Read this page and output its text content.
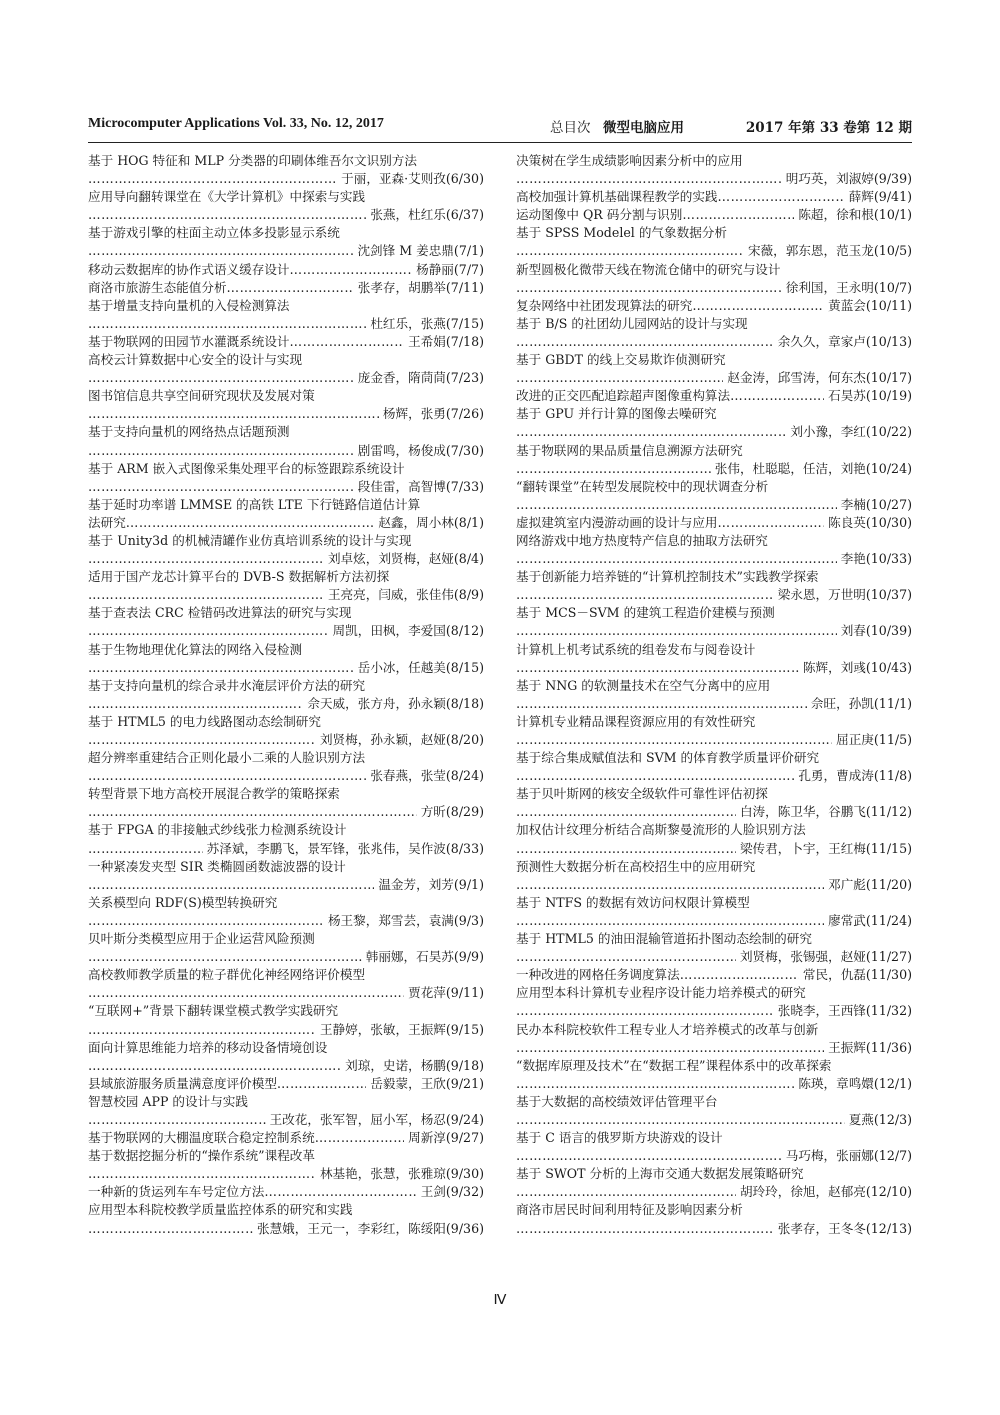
Microcomputer Applications Vol. 33, No. 12, 2017	总目次 微型电脑应用	2017 年第 33 卷第 12 期
基于 HOG 特征和 MLP 分类器的印刷体维吾尔文识别方法
………………………………………………………………………………………………………………………………
于丽，亚森·艾则孜(6/30)
应用导向翻转课堂在《大学计算机》中探索与实践
………………………………………………………………………………………………………………………………
张燕，杜红乐(6/37)
基于游戏引擎的柱面主动立体多投影显示系统
………………………………………………………………………………………………………………………………
沈剑锋 M 姜忠鼎(7/1)
移动云数据库的协作式语义缓存设计 ………………………………………………………………………………	杨静丽(7/7)
商洛市旅游生态能值分析 ………………………………………………………………………………	张孝存，胡鹏举(7/11)
基于增量支持向量机的入侵检测算法
………………………………………………………………………………………………………………………………
杜红乐，张燕(7/15)
基于物联网的田园节水灌溉系统设计 ………………………………………………………………………………	王希娟(7/18)
高校云计算数据中心安全的设计与实现
………………………………………………………………………………………………………………………………
庞金香，隋茼茼(7/23)
图书馆信息共享空间研究现状及发展对策
………………………………………………………………………………………………………………………………
杨辉，张勇(7/26)
基于支持向量机的网络热点话题预测
………………………………………………………………………………………………………………………………
剧雷鸣，杨俊成(7/30)
基于 ARM 嵌入式图像采集处理平台的标签跟踪系统设计
………………………………………………………………………………………………………………………………
段佳雷，高智博(7/33)
基于延时功率谱 LMMSE 的高铁 LTE 下行链路信道估计算
法研究 ………………………………………………………………………………	赵鑫，周小林(8/1)
基于 Unity3d 的机械清罐作业仿真培训系统的设计与实现
………………………………………………………………………………………………………………………………
刘卓炫，刘贤梅，赵娅(8/4)
适用于国产龙芯计算平台的 DVB-S 数据解析方法初探
………………………………………………………………………………………………………………………………
王亮亮，闫威，张佳伟(8/9)
基于查表法 CRC 检错码改进算法的研究与实现
………………………………………………………………………………………………………………………………
周凯，田枫，李爱国(8/12)
基于生物地理优化算法的网络入侵检测
………………………………………………………………………………………………………………………………
岳小冰，任越美(8/15)
基于支持向量机的综合录井水淹层评价方法的研究
………………………………………………………………………………………………………………………………
佘天威，张方舟，孙永颖(8/18)
基于 HTML5 的电力线路图动态绘制研究
………………………………………………………………………………………………………………………………
刘贤梅，孙永颖，赵娅(8/20)
超分辨率重建结合正则化最小二乘的人脸识别方法
………………………………………………………………………………………………………………………………
张春燕，张莹(8/24)
转型背景下地方高校开展混合教学的策略探索
………………………………………………………………………………………………………………………………
方昕(8/29)
基于 FPGA 的非接触式纱线张力检测系统设计
………………………………………………………………………………………………………………………………
苏泽斌，李鹏飞，景军锋，张兆伟，吴作波(8/33)
一种紧凑发夹型 SIR 类椭圆函数滤波器的设计
………………………………………………………………………………………………………………………………
温金芳，刘芳(9/1)
关系模型向 RDF(S)模型转换研究
………………………………………………………………………………………………………………………………
杨王黎，郑雪芸，袁满(9/3)
贝叶斯分类模型应用于企业运营风险预测
………………………………………………………………………………………………………………………………
韩丽娜，石昊苏(9/9)
高校教师教学质量的粒子群优化神经网络评价模型
………………………………………………………………………………………………………………………………
贾花萍(9/11)
“互联网+”背景下翻转课堂模式教学实践研究
………………………………………………………………………………………………………………………………
王静婷，张敏，王振辉(9/15)
面向计算思维能力培养的移动设备情境创设
………………………………………………………………………………………………………………………………
刘琼，史诺，杨鹏(9/18)
县域旅游服务质量满意度评价模型 ………………………………………………………………………………	岳毅蒙，王欣(9/21)
智慧校园 APP 的设计与实践
………………………………………………………………………………………………………………………………
王改花，张军智，屈小军，杨忍(9/24)
基于物联网的大棚温度联合稳定控制系统 ………………………………………………………………………………	周新淳(9/27)
基于数据挖掘分析的“操作系统”课程改革
………………………………………………………………………………………………………………………………
林基艳，张慧，张雅琼(9/30)
一种新的货运列车车号定位方法 ………………………………………………………………………………	王剑(9/32)
应用型本科院校教学质量监控体系的研究和实践
………………………………………………………………………………………………………………………………
张慧娥，王元一，李彩红，陈绥阳(9/36)
决策树在学生成绩影响因素分析中的应用
………………………………………………………………………………………………………………………………
明巧英，刘淑婷(9/39)
高校加强计算机基础课程教学的实践 ………………………………………………………………………………	薛辉(9/41)
运动图像中 QR 码分割与识别 ………………………………………………………………………………	陈超，徐和根(10/1)
基于 SPSS Modelel 的气象数据分析
………………………………………………………………………………………………………………………………
宋薇，郭东恩，范玉龙(10/5)
新型圆极化微带天线在物流仓储中的研究与设计
………………………………………………………………………………………………………………………………
徐利国，王永明(10/7)
复杂网络中社团发现算法的研究 ………………………………………………………………………………	黄蓝会(10/11)
基于 B/S 的社团幼儿园网站的设计与实现
………………………………………………………………………………………………………………………………
余久久，章家卢(10/13)
基于 GBDT 的线上交易欺诈侦测研究
………………………………………………………………………………………………………………………………
赵金涛，邱雪涛，何东杰(10/17)
改进的正交匹配追踪超声图像重构算法 ………………………………………………………………………………	石昊苏(10/19)
基于 GPU 并行计算的图像去噪研究
………………………………………………………………………………………………………………………………
刘小豫，李红(10/22)
基于物联网的果品质量信息溯源方法研究
………………………………………………………………………………………………………………………………
张伟，杜聪聪，任洁，刘艳(10/24)
“翻转课堂”在转型发展院校中的现状调查分析
………………………………………………………………………………………………………………………………
李楠(10/27)
虚拟建筑室内漫游动画的设计与应用 ………………………………………………………………………………	陈良英(10/30)
网络游戏中地方热度特产信息的抽取方法研究
………………………………………………………………………………………………………………………………
李艳(10/33)
基于创新能力培养链的“计算机控制技术”实践教学探索
………………………………………………………………………………………………………………………………
梁永恩，万世明(10/37)
基于 MCS－SVM 的建筑工程造价建模与预测
………………………………………………………………………………………………………………………………
刘春(10/39)
计算机上机考试系统的组卷发布与阅卷设计
………………………………………………………………………………………………………………………………
陈辉，刘彧(10/43)
基于 NNG 的软测量技术在空气分离中的应用
………………………………………………………………………………………………………………………………
佘旺，孙凯(11/1)
计算机专业精品课程资源应用的有效性研究
………………………………………………………………………………………………………………………………
屈正庚(11/5)
基于综合集成赋值法和 SVM 的体育教学质量评价研究
………………………………………………………………………………………………………………………………
孔勇，曹成涛(11/8)
基于贝叶斯网的核安全级软件可靠性评估初探
………………………………………………………………………………………………………………………………
白涛，陈卫华，谷鹏飞(11/12)
加权估计纹理分析结合高斯黎曼流形的人脸识别方法
………………………………………………………………………………………………………………………………
梁传君，卜宇，王红梅(11/15)
预测性大数据分析在高校招生中的应用研究
………………………………………………………………………………………………………………………………
邓广彪(11/20)
基于 NTFS 的数据有效访问权限计算模型
………………………………………………………………………………………………………………………………
廖常武(11/24)
基于 HTML5 的油田混输管道拓扑图动态绘制的研究
………………………………………………………………………………………………………………………………
刘贤梅，张锡强，赵娅(11/27)
一种改进的网格任务调度算法 ………………………………………………………………………………	常民，仇磊(11/30)
应用型本科计算机专业程序设计能力培养模式的研究
………………………………………………………………………………………………………………………………
张晓李，王西锋(11/32)
民办本科院校软件工程专业人才培养模式的改革与创新
………………………………………………………………………………………………………………………………
王振辉(11/36)
“数据库原理及技术”在“数据工程”课程体系中的改革探索
………………………………………………………………………………………………………………………………
陈瑛，章鸣嬛(12/1)
基于大数据的高校绩效评估管理平台
………………………………………………………………………………………………………………………………
夏燕(12/3)
基于 C 语言的俄罗斯方块游戏的设计
………………………………………………………………………………………………………………………………
马巧梅，张丽娜(12/7)
基于 SWOT 分析的上海市交通大数据发展策略研究
………………………………………………………………………………………………………………………………
胡玲玲，徐旭，赵郁亮(12/10)
商洛市居民时间利用特征及影响因素分析
………………………………………………………………………………………………………………………………
张孝存，王冬冬(12/13)
Ⅳ
